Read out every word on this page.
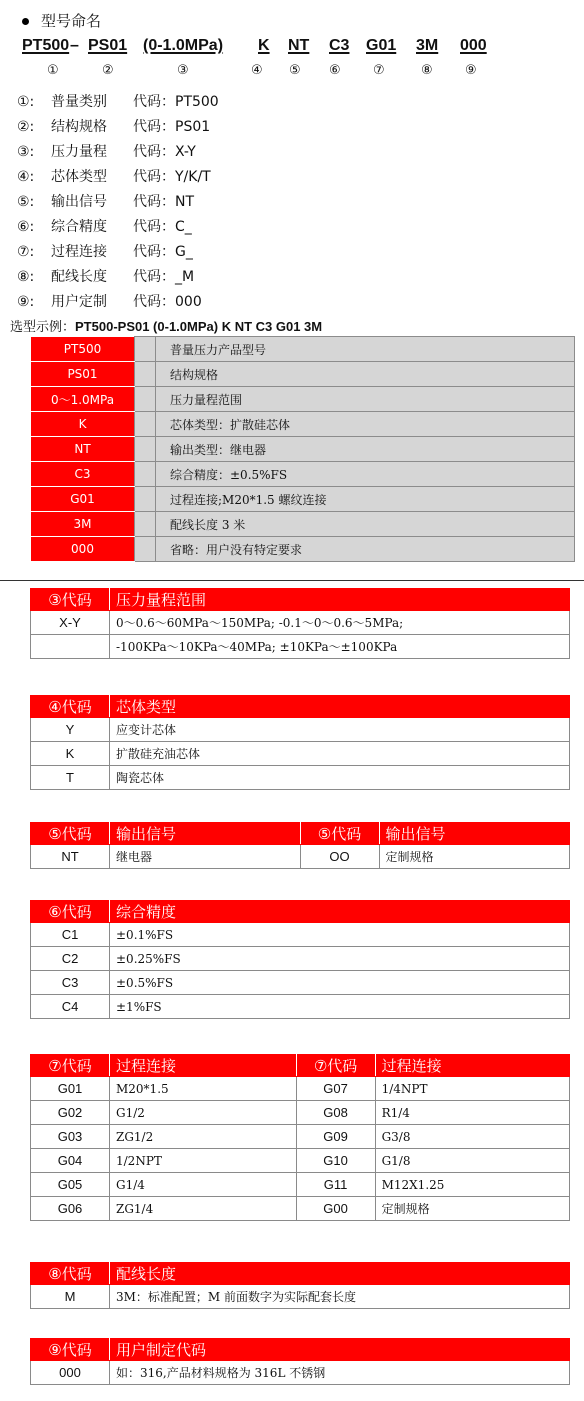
型号命名
PT500 – PS01 (0-1.0MPa) K NT C3 G01 3M 000
①	②	③	④ ⑤ ⑥ ⑦	⑧ ⑨
①: 普量类别 代码：PT500
②: 结构规格 代码：PS01
③: 压力量程 代码：X-Y
④: 芯体类型 代码：Y/K/T
⑤: 输出信号 代码：NT
⑥: 综合精度 代码：C_
⑦: 过程连接 代码：G_
⑧: 配线长度 代码：_M
⑨: 用户定制 代码：000
选型示例：PT500-PS01 (0-1.0MPa) K NT C3 G01 3M
PT500		普量压力产品型号
PS01		结构规格
0～1.0MPa		压力量程范围
K		芯体类型：扩散硅芯体
NT		输出类型：继电器
C3		综合精度：±0.5%FS
G01		过程连接;M20*1.5 螺纹连接
3M		配线长度 3 米
000		省略：用户没有特定要求
③代码	压力量程范围
X-Y	0～0.6～60MPa～150MPa; -0.1～0～0.6～5MPa;
	-100KPa～10KPa～40MPa; ±10KPa～±100KPa
④代码	芯体类型
Y	应变计芯体
K	扩散硅充油芯体
T	陶瓷芯体
⑤代码	输出信号	⑤代码	输出信号
NT	继电器	OO	定制规格
⑥代码	综合精度
C1	±0.1%FS
C2	±0.25%FS
C3	±0.5%FS
C4	±1%FS
⑦代码	过程连接	⑦代码	过程连接
G01	M20*1.5	G07	1/4NPT
G02	G1/2	G08	R1/4
G03	ZG1/2	G09	G3/8
G04	1/2NPT	G10	G1/8
G05	G1/4	G11	M12X1.25
G06	ZG1/4	G00	定制规格
⑧代码	配线长度
M	3M：标准配置；M 前面数字为实际配套长度
⑨代码	用户制定代码
000	如：316,产品材料规格为 316L 不锈钢
